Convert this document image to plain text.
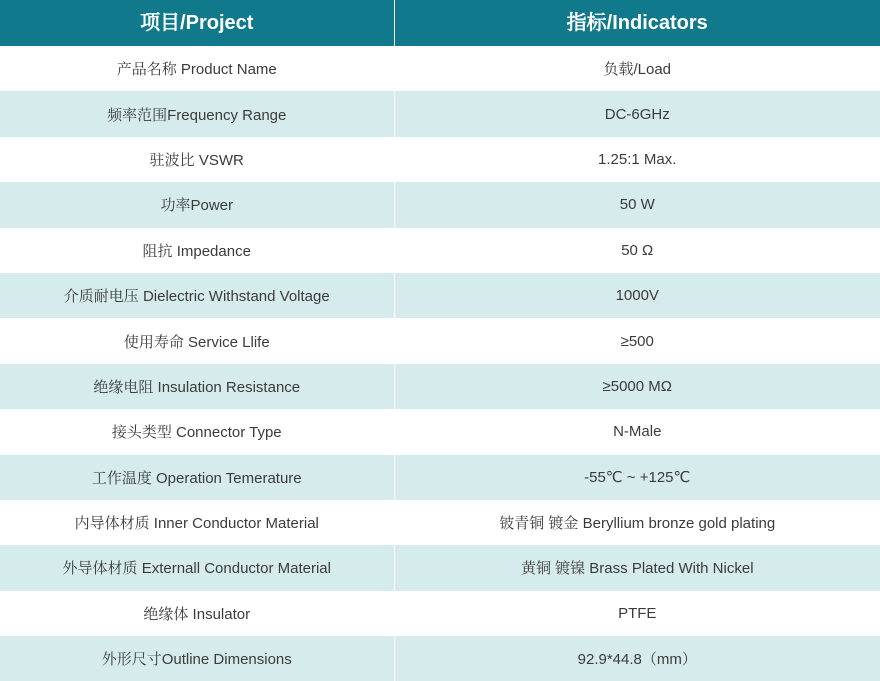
项目/Project	指标/Indicators
产品名称 Product Name	负载/Load
频率范围Frequency Range	DC-6GHz
驻波比 VSWR	1.25:1 Max.
功率Power	50 W
阻抗 Impedance	50 Ω
介质耐电压 Dielectric Withstand Voltage	1000V
使用寿命 Service Llife	≥500
绝缘电阻 Insulation Resistance	≥5000 MΩ
接头类型 Connector Type	N-Male
工作温度 Operation Temerature	-55℃ ~ +125℃
内导体材质 Inner Conductor Material	铍青铜 镀金 Beryllium bronze gold plating
外导体材质 Externall Conductor Material	黄铜 镀镍 Brass Plated With Nickel
绝缘体 Insulator	PTFE
外形尺寸Outline Dimensions	92.9*44.8（mm）
